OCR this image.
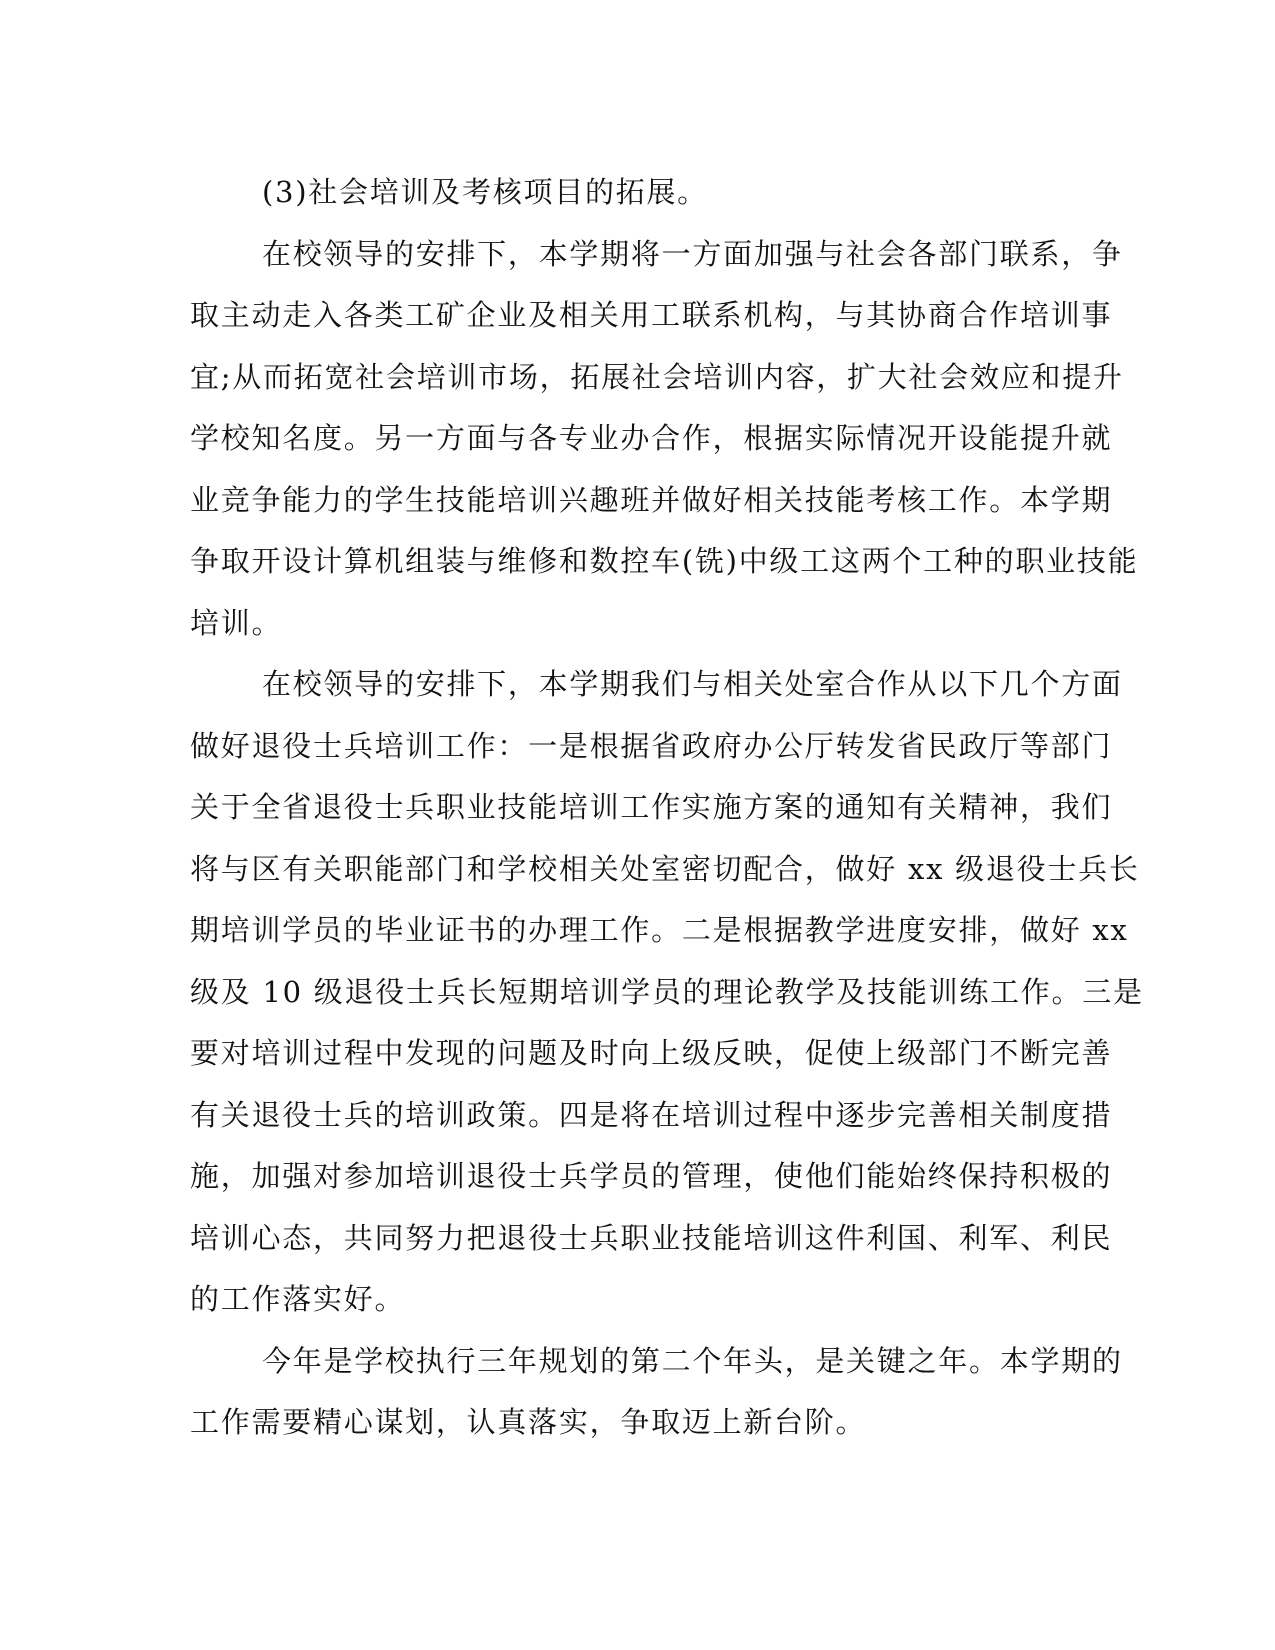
(3)社会培训及考核项目的拓展。
在校领导的安排下，本学期将一方面加强与社会各部门联系，争
取主动走入各类工矿企业及相关用工联系机构，与其协商合作培训事
宜;从而拓宽社会培训市场，拓展社会培训内容，扩大社会效应和提升
学校知名度。另一方面与各专业办合作，根据实际情况开设能提升就
业竞争能力的学生技能培训兴趣班并做好相关技能考核工作。本学期
争取开设计算机组装与维修和数控车(铣)中级工这两个工种的职业技能
培训。
在校领导的安排下，本学期我们与相关处室合作从以下几个方面
做好退役士兵培训工作：一是根据省政府办公厅转发省民政厅等部门
关于全省退役士兵职业技能培训工作实施方案的通知有关精神，我们
将与区有关职能部门和学校相关处室密切配合，做好 xx 级退役士兵长
期培训学员的毕业证书的办理工作。二是根据教学进度安排，做好 xx
级及 10 级退役士兵长短期培训学员的理论教学及技能训练工作。三是
要对培训过程中发现的问题及时向上级反映，促使上级部门不断完善
有关退役士兵的培训政策。四是将在培训过程中逐步完善相关制度措
施，加强对参加培训退役士兵学员的管理，使他们能始终保持积极的
培训心态，共同努力把退役士兵职业技能培训这件利国、利军、利民
的工作落实好。
今年是学校执行三年规划的第二个年头，是关键之年。本学期的
工作需要精心谋划，认真落实，争取迈上新台阶。
